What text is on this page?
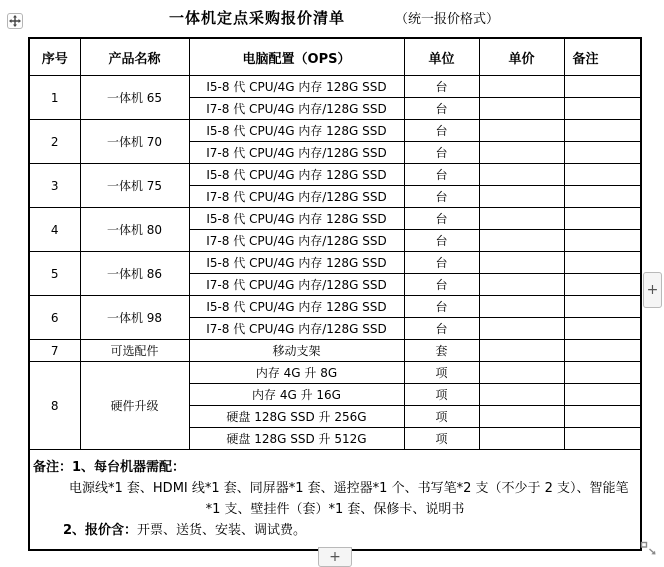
一体机定点采购报价清单	（统一报价格式）
序号	产品名称	电脑配置（OPS）	单位	单价	备注
1	一体机 65	I5-8 代 CPU/4G 内存 128G SSD	台		
		I7-8 代 CPU/4G 内存/128G SSD	台		
2	一体机 70	I5-8 代 CPU/4G 内存 128G SSD	台		
		I7-8 代 CPU/4G 内存/128G SSD	台		
3	一体机 75	I5-8 代 CPU/4G 内存 128G SSD	台		
		I7-8 代 CPU/4G 内存/128G SSD	台		
4	一体机 80	I5-8 代 CPU/4G 内存 128G SSD	台		
		I7-8 代 CPU/4G 内存/128G SSD	台		
5	一体机 86	I5-8 代 CPU/4G 内存 128G SSD	台		
		I7-8 代 CPU/4G 内存/128G SSD	台		
6	一体机 98	I5-8 代 CPU/4G 内存 128G SSD	台		
		I7-8 代 CPU/4G 内存/128G SSD	台		
7	可选配件	移动支架	套		
8	硬件升级	内存 4G 升 8G	项		
		内存 4G 升 16G	项		
		硬盘 128G SSD 升 256G	项		
		硬盘 128G SSD 升 512G	项		

备注：1、每台机器需配：
电源线*1 套、HDMI 线*1 套、同屏器*1 套、遥控器*1 个、书写笔*2 支（不少于 2 支）、智能笔
*1 支、壁挂件（套）*1 套、保修卡、说明书
2、报价含：开票、送货、安装、调试费。					
+
+
